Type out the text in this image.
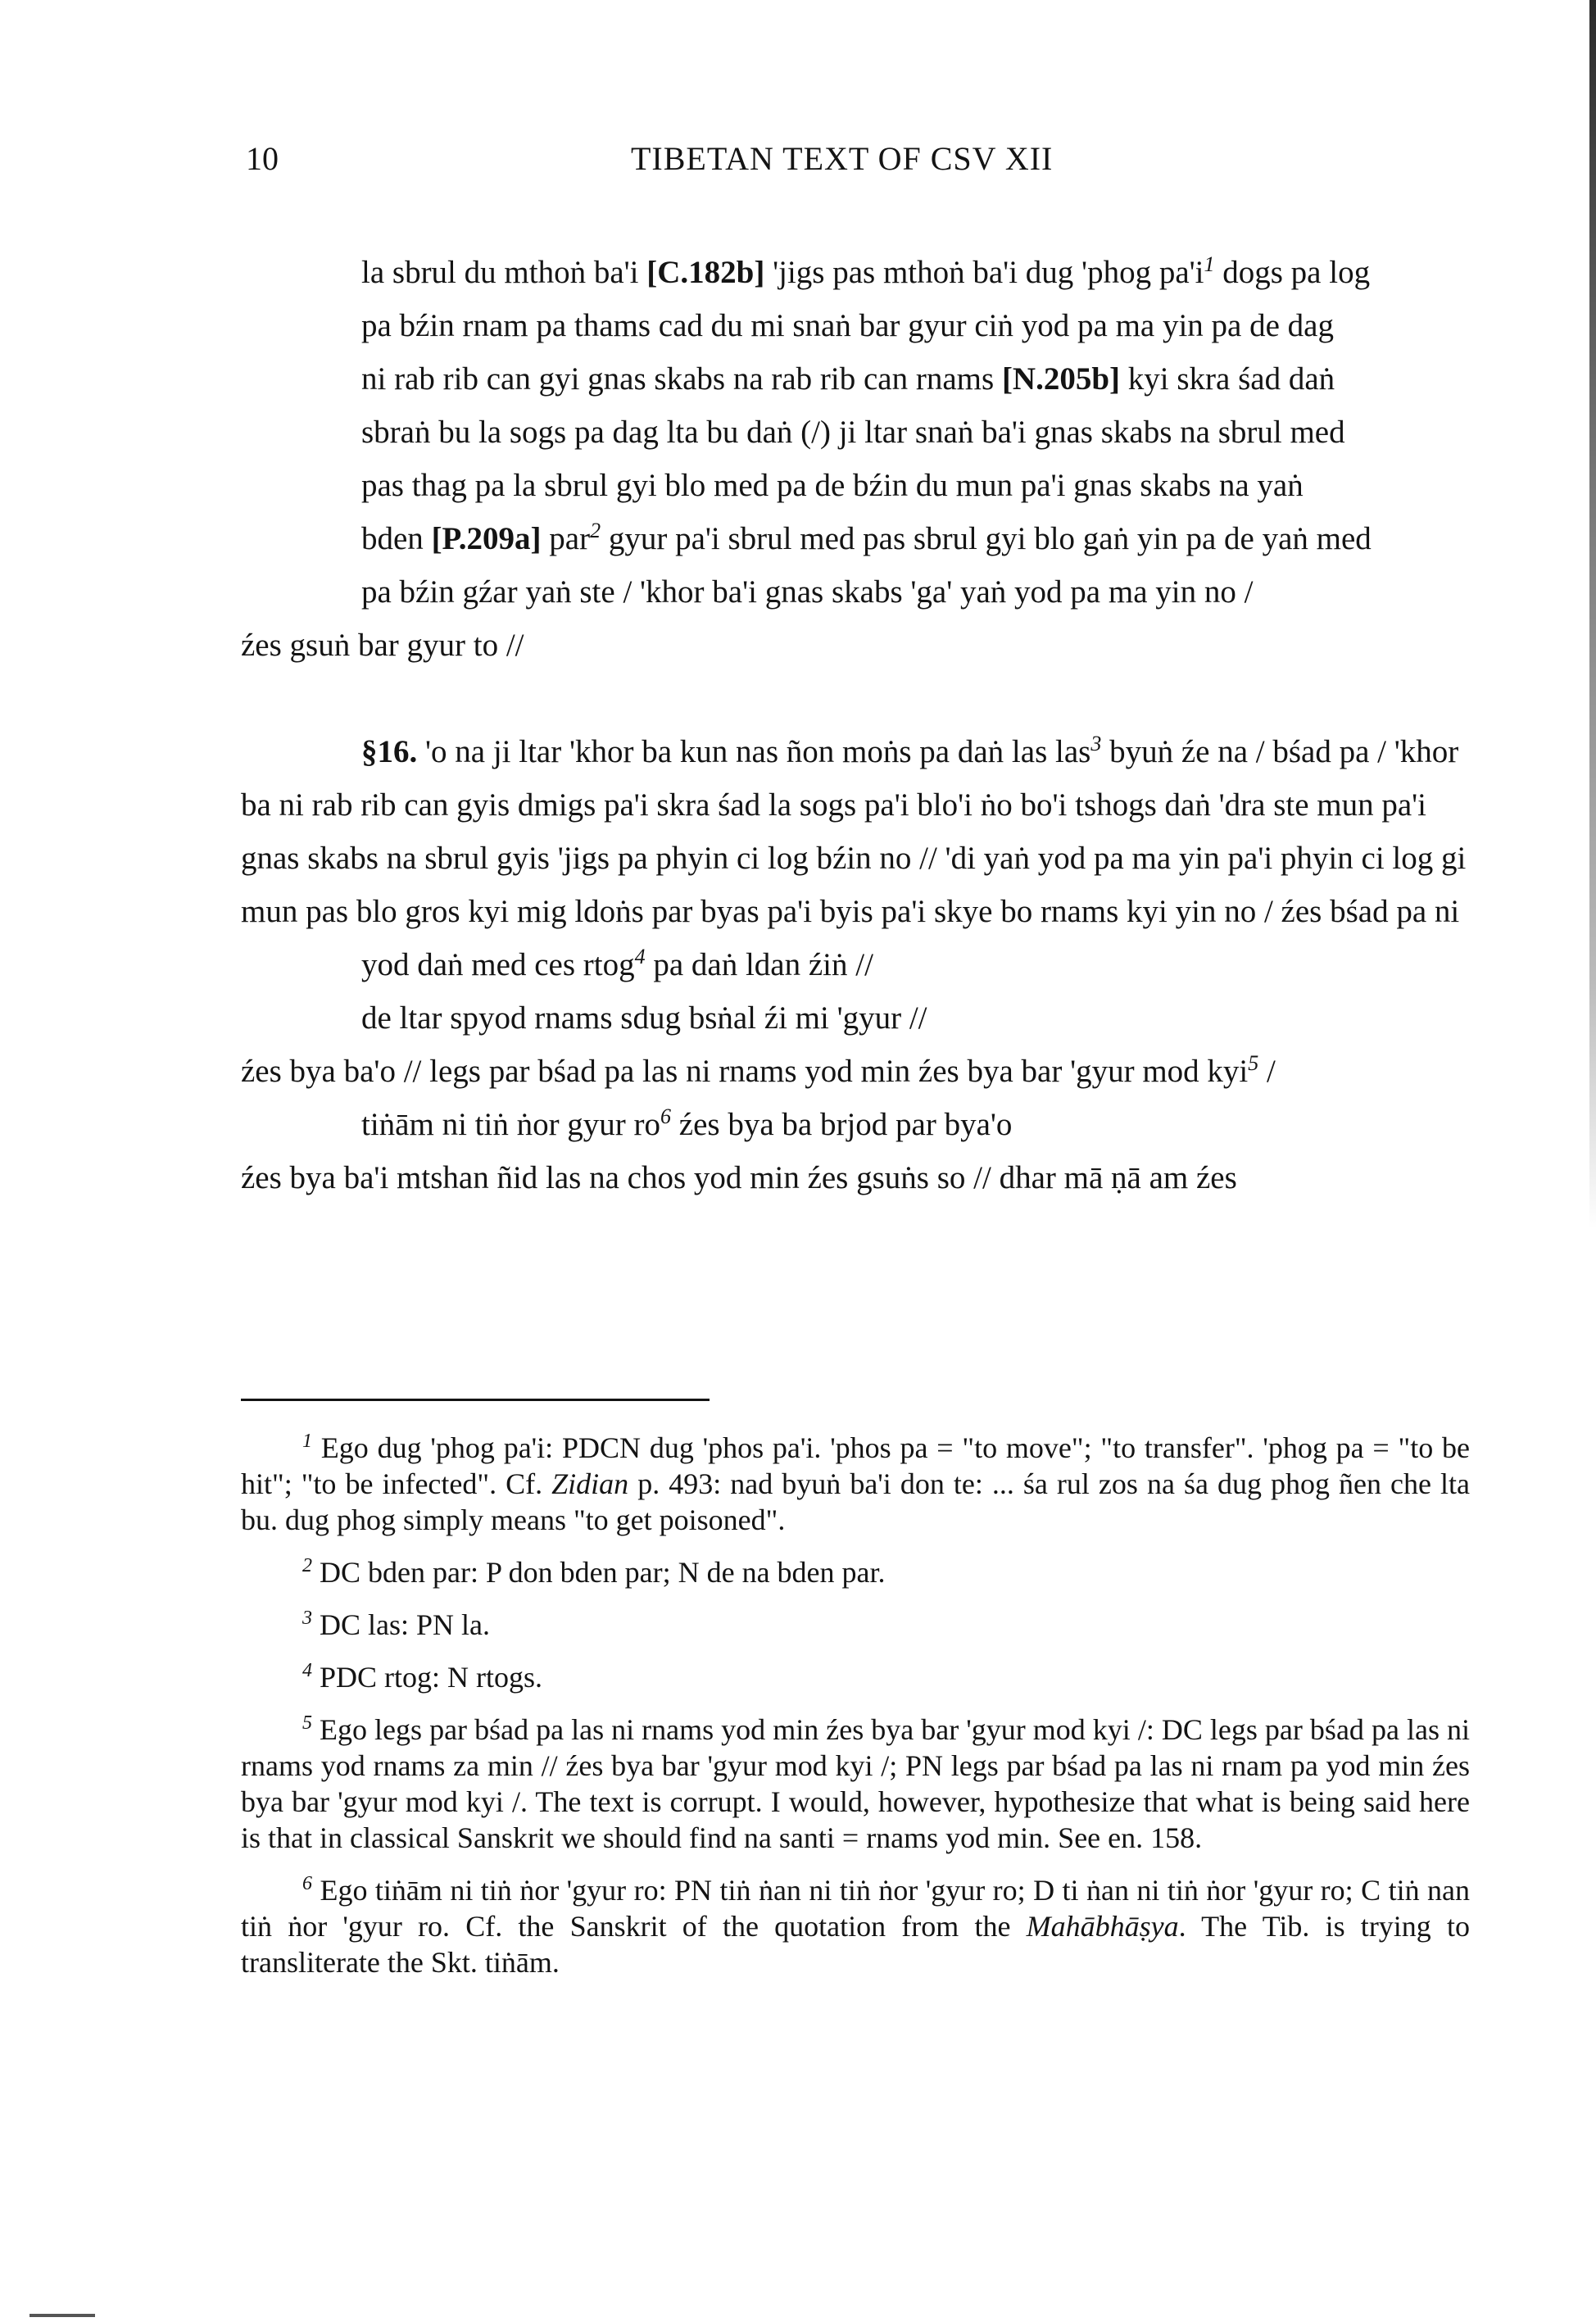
10	TIBETAN TEXT OF CSV XII

la sbrul du mthoṅ ba'i [C.182b] 'jigs pas mthoṅ ba'i dug 'phog $pa'i^1$ dogs pa log

pa bźin rnam pa thams cad du mi snaṅ bar gyur ciṅ yod pa ma yin pa de dag

ni rab rib can gyi gnas skabs na rab rib can rnams [N.205b] kyi skra śad daṅ

sbraṅ bu la sogs pa dag lta bu daṅ (/) ji ltar snaṅ ba'i gnas skabs na sbrul med

pas thag pa la sbrul gyi blo med pa de bźin du mun pa'i gnas skabs na yaṅ

bden [P.209a] par$^2$ gyur pa'i sbrul med pas sbrul gyi blo gaṅ yin pa de yaṅ med

pa bźin gźar yaṅ ste / 'khor ba'i gnas skabs 'ga' yaṅ yod pa ma yin no /

źes gsuṅ bar gyur to //

§16. 'o na ji ltar 'khor ba kun nas ñon moṅs pa daṅ las las$^3$ byuṅ źe na / bśad pa / 'khor ba ni rab rib can gyis dmigs pa'i skra śad la sogs pa'i blo'i ṅo bo'i tshogs daṅ 'dra ste mun pa'i gnas skabs na sbrul gyis 'jigs pa phyin ci log bźin no // 'di yaṅ yod pa ma yin pa'i phyin ci log gi mun pas blo gros kyi mig ldoṅs par byas pa'i byis pa'i skye bo rnams kyi yin no / źes bśad pa ni

yod daṅ med ces rtog$^4$ pa daṅ ldan źiṅ //

de ltar spyod rnams sdug bsṅal źi mi 'gyur //

źes bya ba'o // legs par bśad pa las ni rnams yod min źes bya bar 'gyur mod kyi$^5$ /

tiṅām ni tiṅ ṅor gyur $ro^6$ źes bya ba brjod par bya'o

źes bya ba'i mtshan ñid las na chos yod min źes gsuṅs so // dhar mā ṇā am źes

$^1$ Ego dug 'phog pa'i: PDCN dug 'phos pa'i. 'phos pa = "to move"; "to transfer". 'phog pa = "to be hit"; "to be infected". Cf. Zidian p. 493: nad byuṅ ba'i don te: ... śa rul zos na śa dug phog ñen che lta bu. dug phog simply means "to get poisoned".

$^2$ DC bden par: P don bden par; N de na bden par.

$^3$ DC las: PN la.

$^4$ PDC rtog: N rtogs.

$^5$ Ego legs par bśad pa las ni rnams yod min źes bya bar 'gyur mod kyi /: DC legs par bśad pa las ni rnams yod rnams za min // źes bya bar 'gyur mod kyi /; PN legs par bśad pa las ni rnam pa yod min źes bya bar 'gyur mod kyi /. The text is corrupt. I would, however, hypothesize that what is being said here is that in classical Sanskrit we should find na santi = rnams yod min. See en. 158.

$^6$ Ego tiṅām ni tiṅ ṅor 'gyur ro: PN tiṅ ṅan ni tiṅ ṅor 'gyur ro; D ti ṅan ni tiṅ ṅor 'gyur ro; C tiṅ nan tiṅ ṅor 'gyur ro. Cf. the Sanskrit of the quotation from the Mahābhāṣya. The Tib. is trying to transliterate the Skt. tiṅām.
